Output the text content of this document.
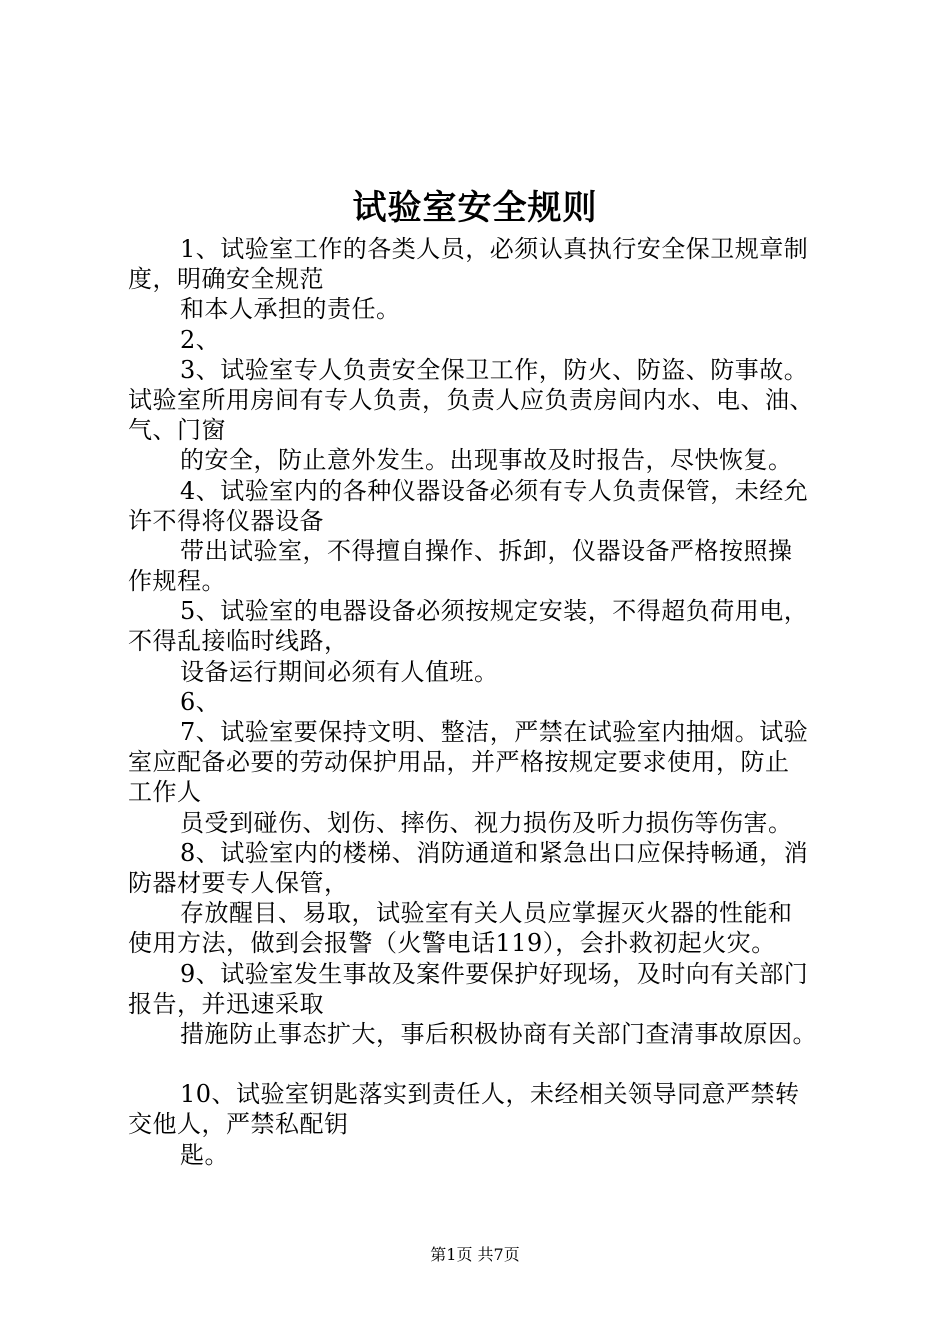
试验室安全规则
1、试验室工作的各类人员，必须认真执行安全保卫规章制
度，明确安全规范
和本人承担的责任。
2、
3、试验室专人负责安全保卫工作，防火、防盗、防事故。
试验室所用房间有专人负责，负责人应负责房间内水、电、油、
气、门窗
的安全，防止意外发生。出现事故及时报告，尽快恢复。
4、试验室内的各种仪器设备必须有专人负责保管，未经允
许不得将仪器设备
带出试验室，不得擅自操作、拆卸，仪器设备严格按照操
作规程。
5、试验室的电器设备必须按规定安装，不得超负荷用电，
不得乱接临时线路，
设备运行期间必须有人值班。
6、
7、试验室要保持文明、整洁，严禁在试验室内抽烟。试验
室应配备必要的劳动保护用品，并严格按规定要求使用，防止
工作人
员受到碰伤、划伤、摔伤、视力损伤及听力损伤等伤害。
8、试验室内的楼梯、消防通道和紧急出口应保持畅通，消
防器材要专人保管，
存放醒目、易取，试验室有关人员应掌握灭火器的性能和
使用方法，做到会报警（火警电话119），会扑救初起火灾。
9、试验室发生事故及案件要保护好现场，及时向有关部门
报告，并迅速采取
措施防止事态扩大，事后积极协商有关部门查清事故原因。
10、试验室钥匙落实到责任人，未经相关领导同意严禁转
交他人，严禁私配钥
匙。
第1页 共7页
